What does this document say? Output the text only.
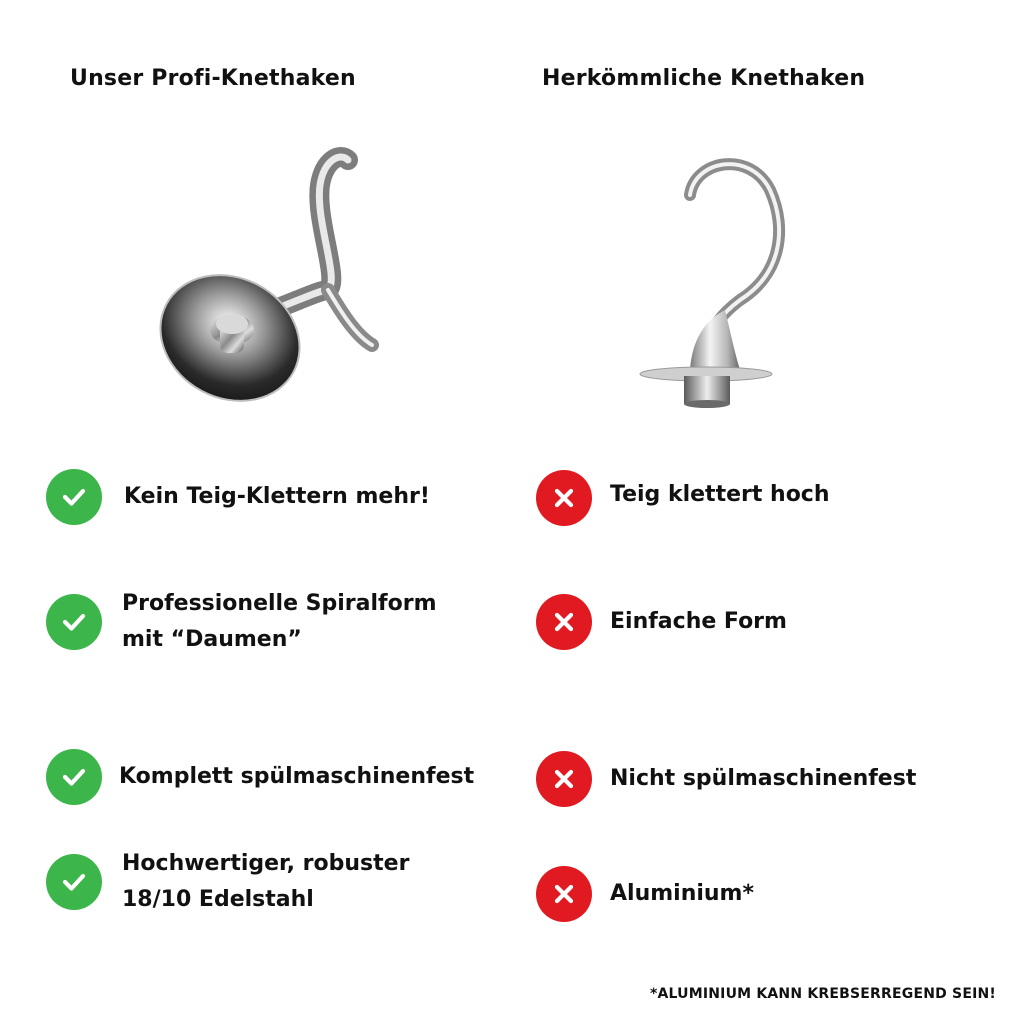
Unser Profi-Knethaken	Herkömmliche Knethaken
Kein Teig-Klettern mehr!
Professionelle Spiralform
mit “Daumen”
Komplett spülmaschinenfest
Hochwertiger, robuster
18/10 Edelstahl
Teig klettert hoch
Einfache Form
Nicht spülmaschinenfest
Aluminium*
*ALUMINIUM KANN KREBSERREGEND SEIN!
